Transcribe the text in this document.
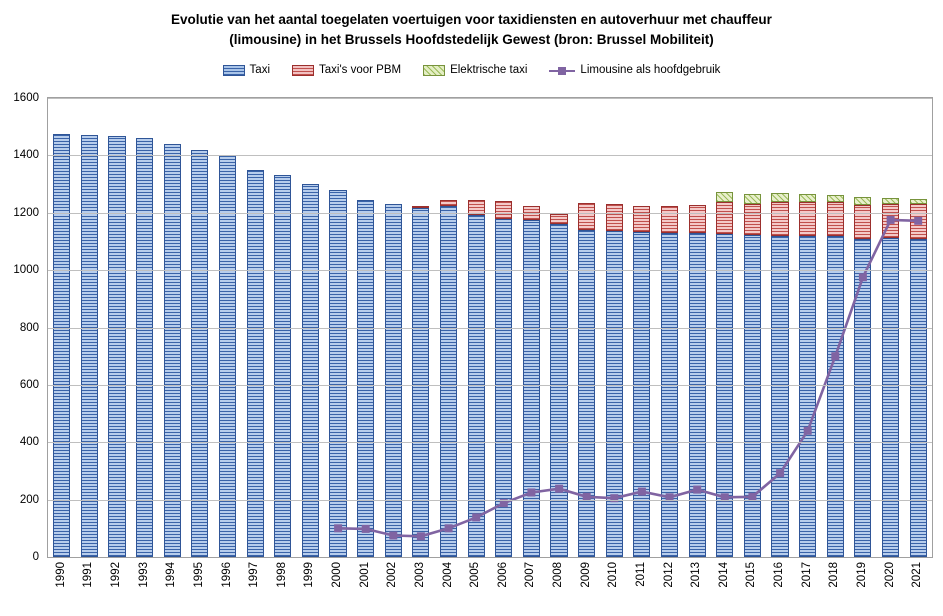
Evolutie van het aantal toegelaten voertuigen voor taxidiensten en autoverhuur met chauffeur
(limousine) in het Brussels Hoofdstedelijk Gewest (bron: Brussel Mobiliteit)
Taxi	Taxi's voor PBM	Elektrische taxi	Limousine als hoofdgebruik
0
200
400
600
800
1000
1200
1400
1600
1990 1991 1992 1993 1994 1995 1996 1997 1998 1999 2000 2001 2002 2003 2004 2005 2006 2007 2008 2009 2010 2011 2012 2013 2014 2015 2016 2017 2018 2019 2020 2021
